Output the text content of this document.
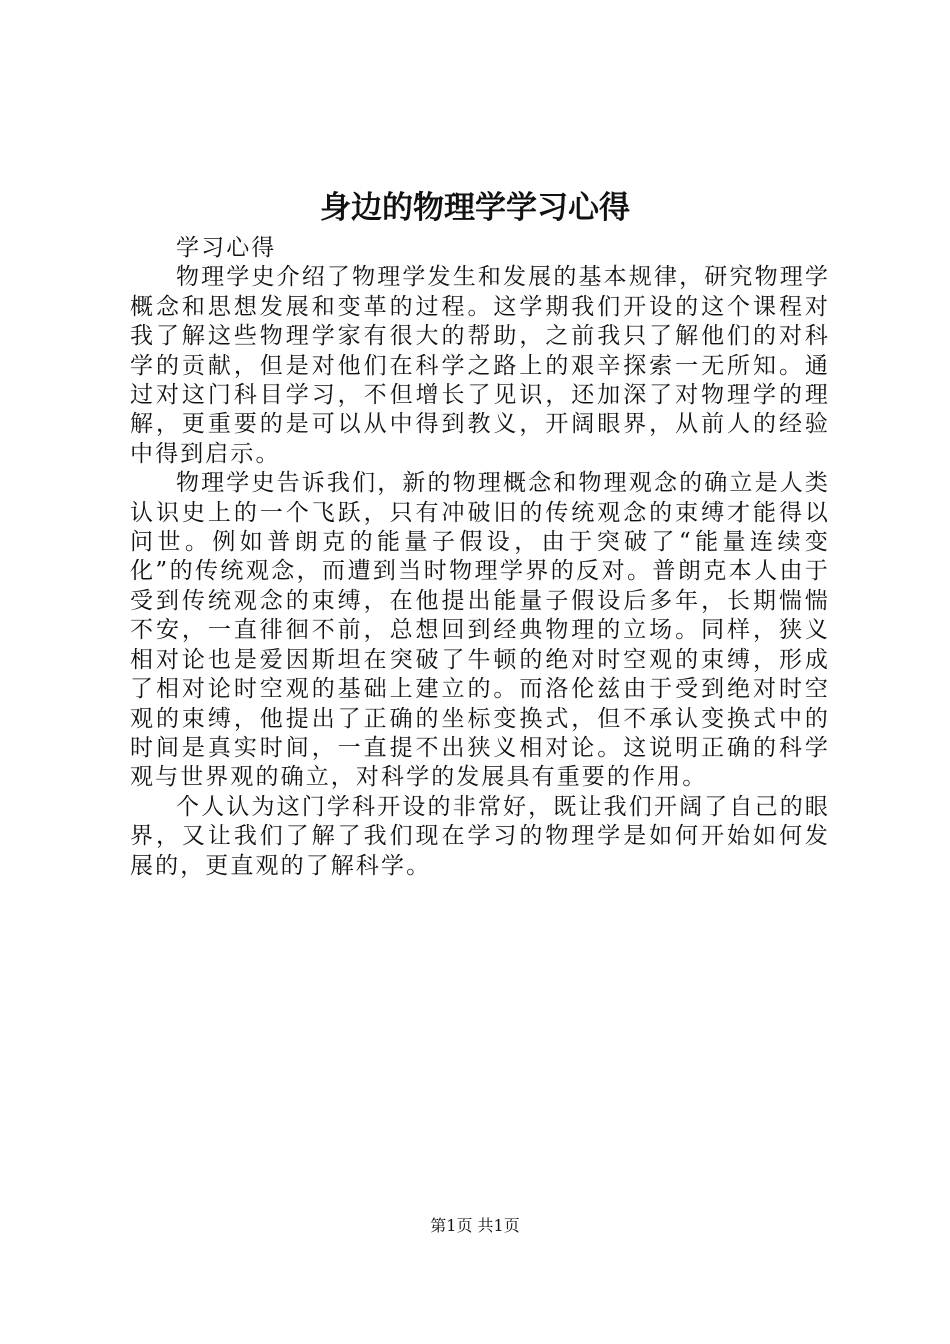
身边的物理学学习心得

学习心得

物理学史介绍了物理学发生和发展的基本规律，研究物理学概念和思想发展和变革的过程。这学期我们开设的这个课程对我了解这些物理学家有很大的帮助，之前我只了解他们的对科学的贡献，但是对他们在科学之路上的艰辛探索一无所知。通过对这门科目学习，不但增长了见识，还加深了对物理学的理解，更重要的是可以从中得到教义，开阔眼界，从前人的经验中得到启示。

物理学史告诉我们，新的物理概念和物理观念的确立是人类认识史上的一个飞跃，只有冲破旧的传统观念的束缚才能得以问世。例如普朗克的能量子假设，由于突破了“能量连续变化”的传统观念，而遭到当时物理学界的反对。普朗克本人由于受到传统观念的束缚，在他提出能量子假设后多年，长期惴惴不安，一直徘徊不前，总想回到经典物理的立场。同样，狭义相对论也是爱因斯坦在突破了牛顿的绝对时空观的束缚，形成了相对论时空观的基础上建立的。而洛伦兹由于受到绝对时空观的束缚，他提出了正确的坐标变换式，但不承认变换式中的时间是真实时间，一直提不出狭义相对论。这说明正确的科学观与世界观的确立，对科学的发展具有重要的作用。

个人认为这门学科开设的非常好，既让我们开阔了自己的眼界，又让我们了解了我们现在学习的物理学是如何开始如何发展的，更直观的了解科学。

第1页 共1页
